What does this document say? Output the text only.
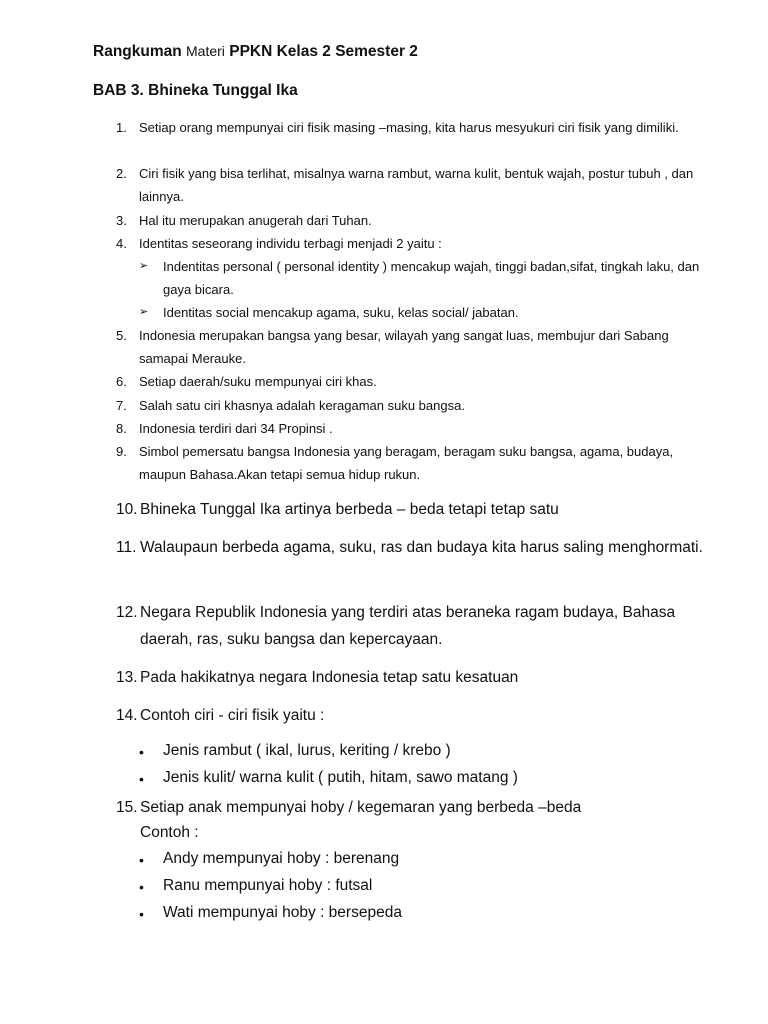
Rangkuman Materi PPKN Kelas 2 Semester 2
BAB 3. Bhineka Tunggal Ika
1. Setiap orang mempunyai ciri fisik masing –masing, kita harus mesyukuri ciri fisik yang dimiliki.
2. Ciri fisik yang bisa terlihat, misalnya warna rambut, warna kulit, bentuk wajah, postur tubuh , dan lainnya.
3. Hal itu merupakan anugerah dari Tuhan.
4. Identitas seseorang individu terbagi menjadi 2 yaitu :
➢ Indentitas personal ( personal identity ) mencakup wajah, tinggi badan,sifat, tingkah laku, dan gaya bicara.
➢ Identitas social mencakup agama, suku, kelas social/ jabatan.
5. Indonesia merupakan bangsa yang besar, wilayah yang sangat luas, membujur dari Sabang samapai Merauke.
6. Setiap daerah/suku mempunyai ciri khas.
7. Salah satu ciri khasnya adalah keragaman suku bangsa.
8. Indonesia terdiri dari 34 Propinsi .
9. Simbol pemersatu bangsa Indonesia yang beragam, beragam suku bangsa, agama, budaya, maupun Bahasa.Akan tetapi semua hidup rukun.
10. Bhineka Tunggal Ika artinya berbeda – beda tetapi tetap satu
11. Walaupaun berbeda agama, suku, ras dan budaya kita harus saling menghormati.
12. Negara Republik Indonesia yang terdiri atas beraneka ragam budaya, Bahasa daerah, ras, suku bangsa dan kepercayaan.
13. Pada hakikatnya negara Indonesia tetap satu kesatuan
14. Contoh ciri - ciri fisik yaitu :
• Jenis rambut ( ikal, lurus, keriting / krebo )
• Jenis kulit/ warna kulit ( putih, hitam, sawo matang )
15. Setiap anak mempunyai hoby / kegemaran yang berbeda –beda
Contoh :
• Andy mempunyai hoby : berenang
• Ranu mempunyai hoby : futsal
• Wati mempunyai hoby : bersepeda
